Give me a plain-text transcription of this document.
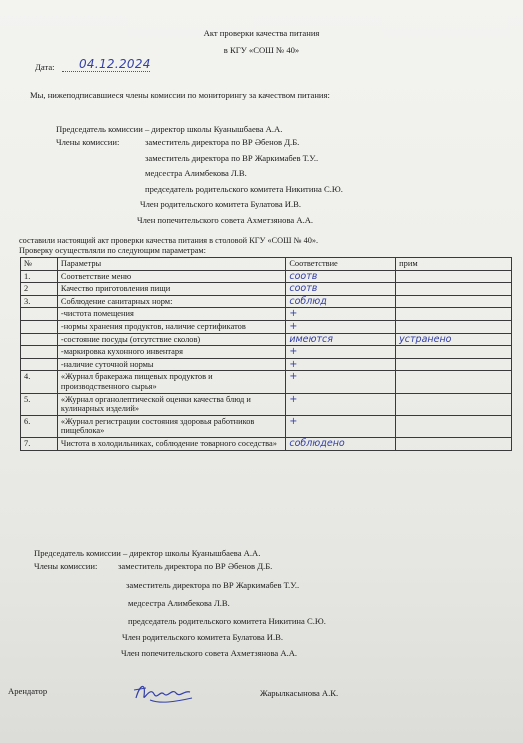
Акт проверки качества питания
в КГУ «СОШ № 40»
Дата: 04.12.2024
Мы, нижеподписавшиеся члены комиссии по мониторингу за качеством питания:
Председатель комиссии – директор школы Куанышбаева А.А.
Члены комиссии:	заместитель директора по ВР Әбенов Д.Б.
заместитель директора по ВР Жаркимабев Т.У..
медсестра Алимбекова Л.В.
председатель родительского комитета Никитина С.Ю.
Член родительского комитета Булатова И.В.
Член попечительского совета Ахметзянова А.А.
составили настоящий акт проверки качества питания в столовой КГУ «СОШ № 40».
Проверку осуществляли по следующим параметрам:
№	Параметры	Соответствие	прим
1.	Соответствие меню	соотв	
2	Качество приготовления пищи	соотв	
3.	Соблюдение санитарных норм:	соблюд	
	-чистота помещения	+	
	-нормы хранения продуктов, наличие сертификатов	+	
	-состояние посуды (отсутствие сколов)	имеются	устранено
	-маркировка кухонного инвентаря	+	
	-наличие суточной нормы	+	
4.	«Журнал бракеража пищевых продуктов и производственного сырья»	+	
5.	«Журнал органолептической оценки качества блюд и кулинарных изделий»	+	
6.	«Журнал регистрации состояния здоровья работников пищеблока»	+	
7.	Чистота в холодильниках, соблюдение товарного соседства»	соблюдено	
Председатель комиссии – директор школы Куанышбаева А.А.
Члены комиссии: заместитель директора по ВР Әбенов Д.Б.
заместитель директора по ВР Жаркимабев Т.У..
медсестра Алимбекова Л.В.
председатель родительского комитета Никитина С.Ю.
Член родительского комитета Булатова И.В.
Член попечительского совета Ахметзянова А.А.
Арендатор	Жарылкасынова А.К.
